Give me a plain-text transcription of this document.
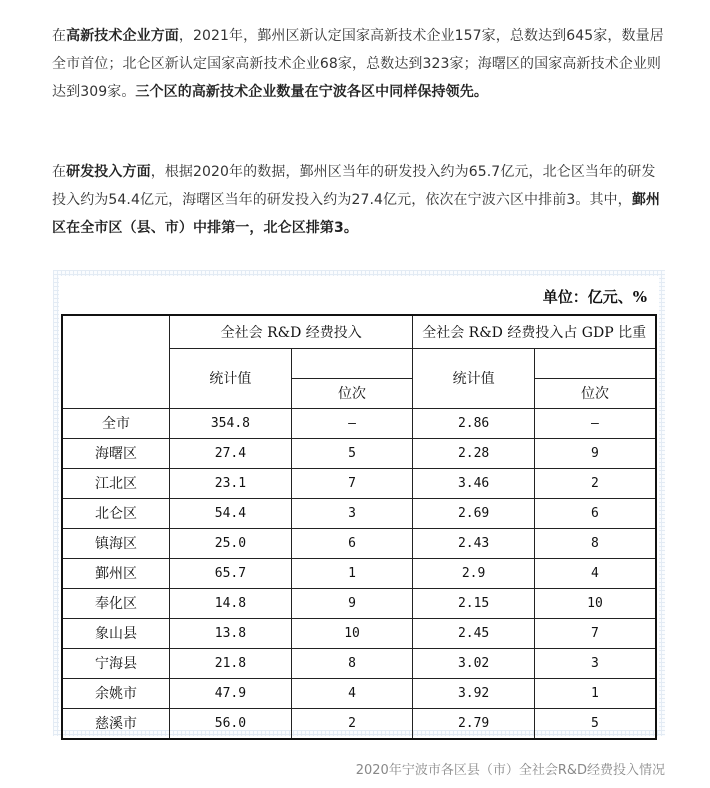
在高新技术企业方面，2021年，鄞州区新认定国家高新技术企业157家，总数达到645家，数量居全市首位；北仑区新认定国家高新技术企业68家，总数达到323家；海曙区的国家高新技术企业则达到309家。三个区的高新技术企业数量在宁波各区中同样保持领先。
在研发投入方面，根据2020年的数据，鄞州区当年的研发投入约为65.7亿元，北仑区当年的研发投入约为54.4亿元，海曙区当年的研发投入约为27.4亿元，依次在宁波六区中排前3。其中，鄞州区在全市区（县、市）中排第一，北仑区排第3。
单位：亿元、%
	全社会 R&D 经费投入		全社会 R&D 经费投入占 GDP 比重	
	统计值		统计值	
		位次		位次
全市	354.8	–	2.86	–
海曙区	27.4	5	2.28	9
江北区	23.1	7	3.46	2
北仑区	54.4	3	2.69	6
镇海区	25.0	6	2.43	8
鄞州区	65.7	1	2.9	4
奉化区	14.8	9	2.15	10
象山县	13.8	10	2.45	7
宁海县	21.8	8	3.02	3
余姚市	47.9	4	3.92	1
慈溪市	56.0	2	2.79	5
2020年宁波市各区县（市）全社会R&D经费投入情况
